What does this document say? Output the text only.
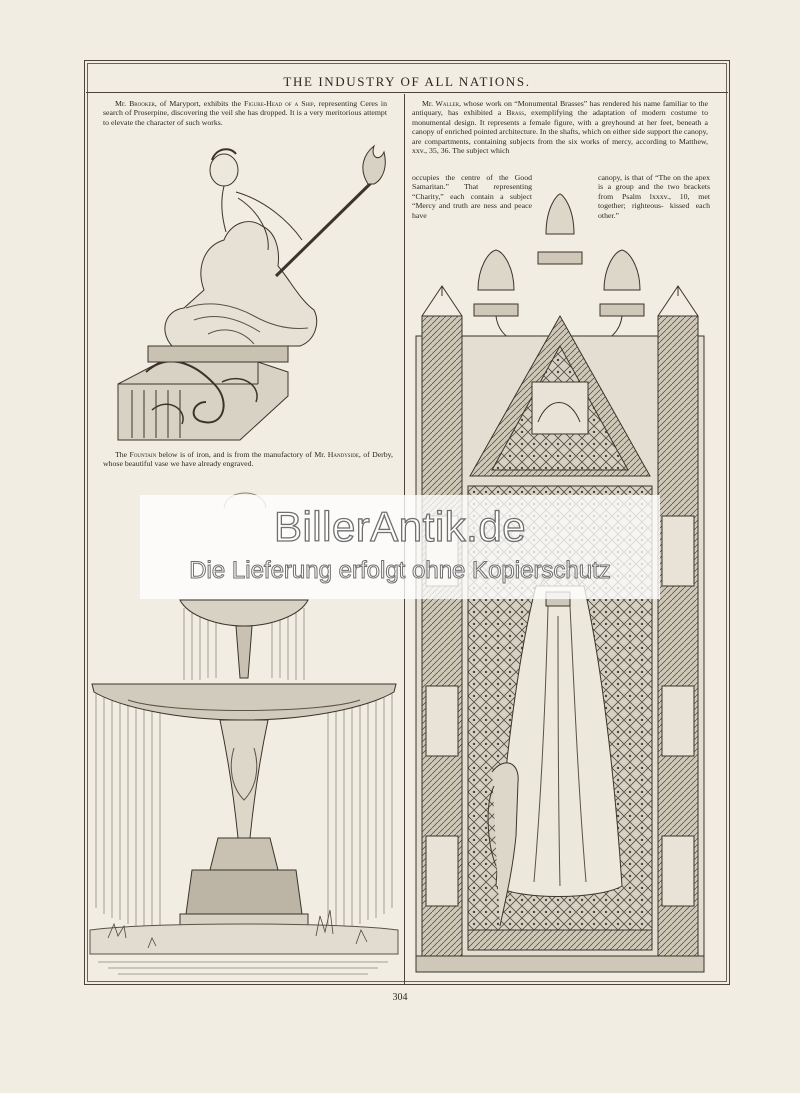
THE INDUSTRY OF ALL NATIONS.

Mr. Brooker, of Maryport, exhibits the Figure-Head of a Ship, representing Ceres in search of Proserpine, discovering the veil she has dropped. It is a very meritorious attempt to elevate the character of such works.

The Fountain below is of iron, and is from the manufactory of Mr. Handyside, of Derby, whose beautiful vase we have already engraved.

Mr. Waller, whose work on “Monumental Brasses” has rendered his name familiar to the antiquary, has exhibited a Brass, exemplifying the adaptation of modern costume to monumental design. It represents a female figure, with a greyhound at her feet, beneath a canopy of enriched pointed architecture. In the shafts, which on either side support the canopy, are compartments, containing subjects from the six works of mercy, according to Matthew, xxv., 35, 36. The subject which

occupies the centre of the Good Samaritan.” That representing “Charity,” each contain a subject “Mercy and truth are ness and peace have

canopy, is that of “The on the apex is a group and the two brackets from Psalm lxxxv., 10, met together; righteous- kissed each other.”

304
BillerAntik.de
Die Lieferung erfolgt ohne Kopierschutz
